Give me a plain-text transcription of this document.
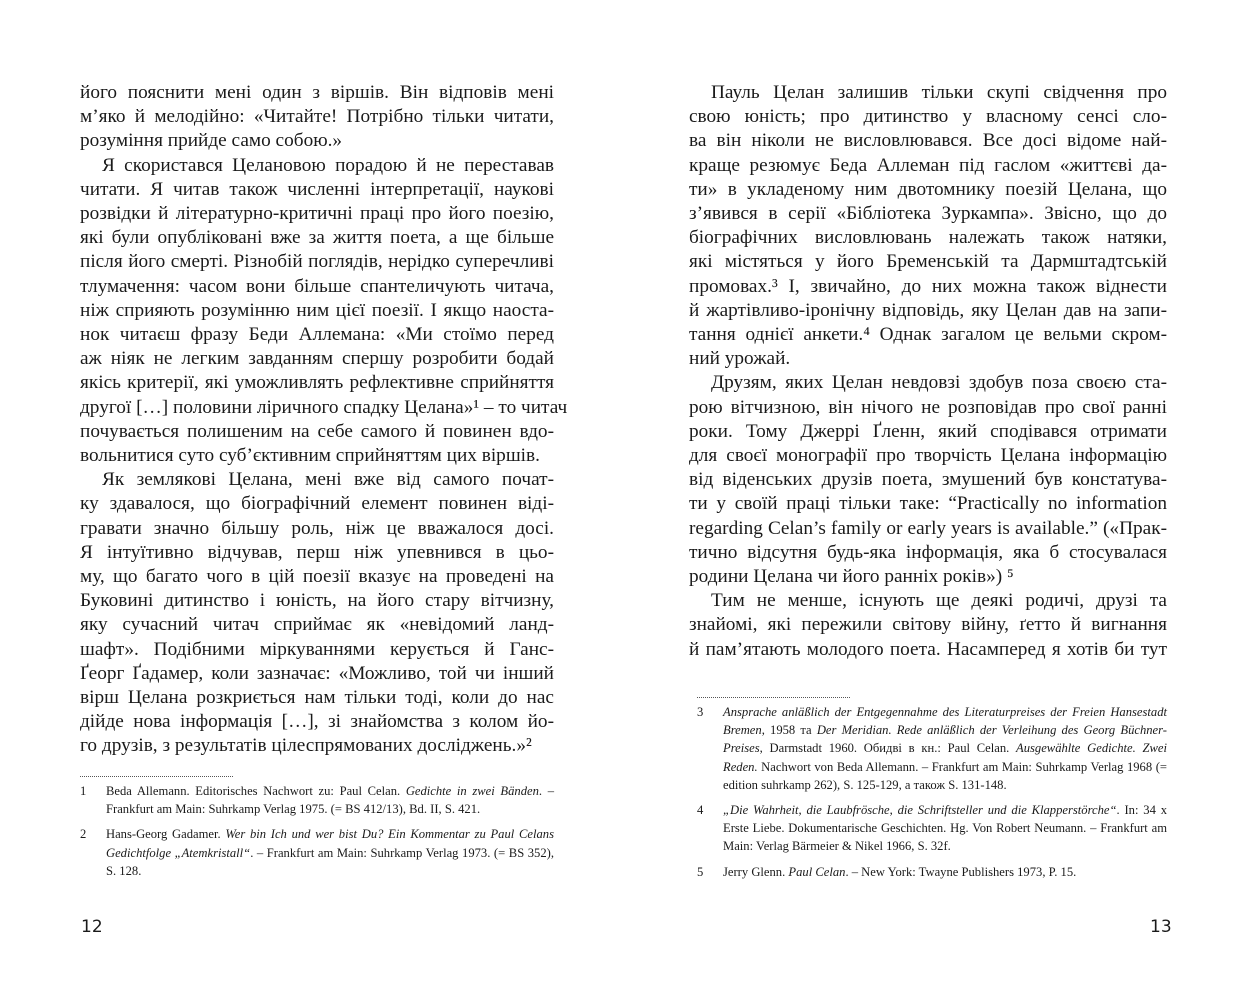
його пояснити мені один з віршів. Він відповів мені
м’яко й мелодійно: «Читайте! Потрібно тільки читати,
розуміння прийде само собою.»
Я скористався Целановою порадою й не переставав
читати. Я читав також численні інтерпретації, наукові
розвідки й літературно-критичні праці про його поезію,
які були опубліковані вже за життя поета, а ще більше
після його смерті. Різнобій поглядів, нерідко суперечливі
тлумачення: часом вони більше спантеличують читача,
ніж сприяють розумінню ним цієї поезії. І якщо наоста-
нок читаєш фразу Беди Аллемана: «Ми стоїмо перед
аж ніяк не легким завданням спершу розробити бодай
якісь критерії, які уможливлять рефлективне сприйняття
другої […] половини ліричного спадку Целана»¹ – то читач
почувається полишеним на себе самого й повинен вдо-
вольнитися суто суб’єктивним сприйняттям цих віршів.
Як землякові Целана, мені вже від самого почат-
ку здавалося, що біографічний елемент повинен віді-
гравати значно більшу роль, ніж це вважалося досі.
Я інтуїтивно відчував, перш ніж упевнився в цьо-
му, що багато чого в цій поезії вказує на проведені на
Буковині дитинство і юність, на його стару вітчизну,
яку сучасний читач сприймає як «невідомий ланд-
шафт». Подібними міркуваннями керується й Ганс-
Ґеорг Ґадамер, коли зазначає: «Можливо, той чи інший
вірш Целана розкриється нам тільки тоді, коли до нас
дійде нова інформація […], зі знайомства з колом йо-
го друзів, з результатів цілеспрямованих досліджень.»²
1	Beda Allemann. Editorisches Nachwort zu: Paul Celan. Gedichte in zwei Bänden. – Frankfurt am Main: Suhrkamp Verlag 1975. (= BS 412/13), Bd. II, S. 421.
2	Hans-Georg Gadamer. Wer bin Ich und wer bist Du? Ein Kommentar zu Paul Celans Gedichtfolge „Atemkristall“. – Frankfurt am Main: Suhrkamp Verlag 1973. (= BS 352), S. 128.
12
Пауль Целан залишив тільки скупі свідчення про
свою юність; про дитинство у власному сенсі сло-
ва він ніколи не висловлювався. Все досі відоме най-
краще резюмує Беда Аллеман під гаслом «життєві да-
ти» в укладеному ним двотомнику поезій Целана, що
з’явився в серії «Бібліотека Зуркампа». Звісно, що до
біографічних висловлювань належать також натяки,
які містяться у його Бременській та Дармштадтській
промовах.³ І, звичайно, до них можна також віднести
й жартівливо-іронічну відповідь, яку Целан дав на запи-
тання однієї анкети.⁴ Однак загалом це вельми скром-
ний урожай.
Друзям, яких Целан невдовзі здобув поза своєю ста-
рою вітчизною, він нічого не розповідав про свої ранні
роки. Тому Джеррі Ґленн, який сподівався отримати
для своєї монографії про творчість Целана інформацію
від віденських друзів поета, змушений був констатува-
ти у своїй праці тільки таке: “Practically no information
regarding Celan’s family or early years is available.” («Прак-
тично відсутня будь-яка інформація, яка б стосувалася
родини Целана чи його ранніх років») ⁵
Тим не менше, існують ще деякі родичі, друзі та
знайомі, які пережили світову війну, ґетто й вигнання
й пам’ятають молодого поета. Насамперед я хотів би тут
3	Ansprache anläßlich der Entgegennahme des Literaturpreises der Freien Hansestadt Bremen, 1958 та Der Meridian. Rede anläßlich der Verleihung des Georg Büchner-Preises, Darmstadt 1960. Обидві в кн.: Paul Celan. Ausgewählte Gedichte. Zwei Reden. Nachwort von Beda Allemann. – Frankfurt am Main: Suhrkamp Verlag 1968 (= edition suhrkamp 262), S. 125-129, а також S. 131-148.
4	„Die Wahrheit, die Laubfrösche, die Schriftsteller und die Klapperstörche“. In: 34 x Erste Liebe. Dokumentarische Geschichten. Hg. Von Robert Neumann. – Frankfurt am Main: Verlag Bärmeier & Nikel 1966, S. 32f.
5	Jerry Glenn. Paul Celan. – New York: Twayne Publishers 1973, P. 15.
13
